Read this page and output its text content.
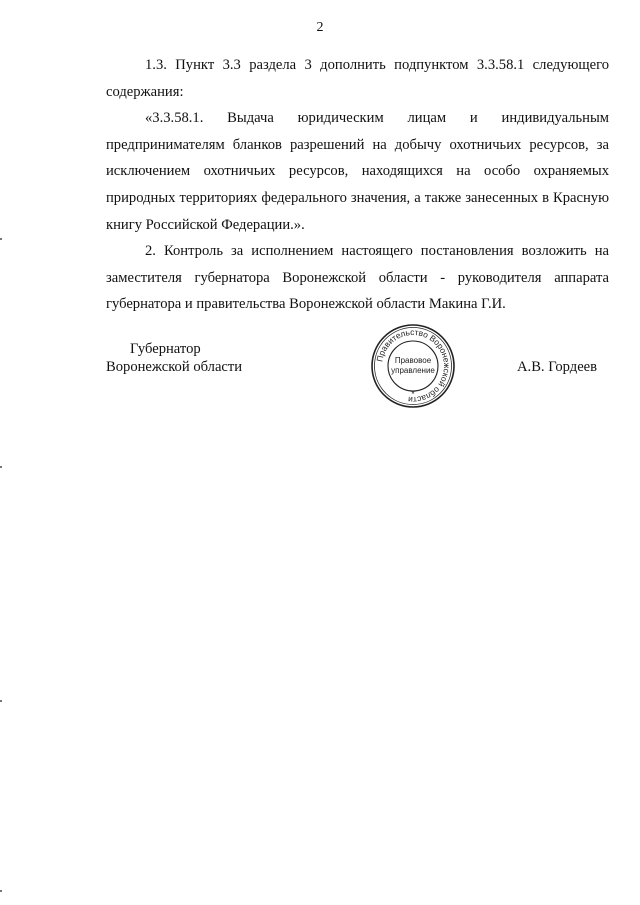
2

1.3. Пункт 3.3 раздела 3 дополнить подпунктом 3.3.58.1 следующего содержания:

«3.3.58.1. Выдача юридическим лицам и индивидуальным предпринимателям бланков разрешений на добычу охотничьих ресурсов, за исключением охотничьих ресурсов, находящихся на особо охраняемых природных территориях федерального значения, а также занесенных в Красную книгу Российской Федерации.».

2. Контроль за исполнением настоящего постановления возложить на заместителя губернатора Воронежской области - руководителя аппарата губернатора и правительства Воронежской области Макина Г.И.

Губернатор
Воронежской области
Правительство Воронежской области
Правовое
управление
*
А.В. Гордеев
